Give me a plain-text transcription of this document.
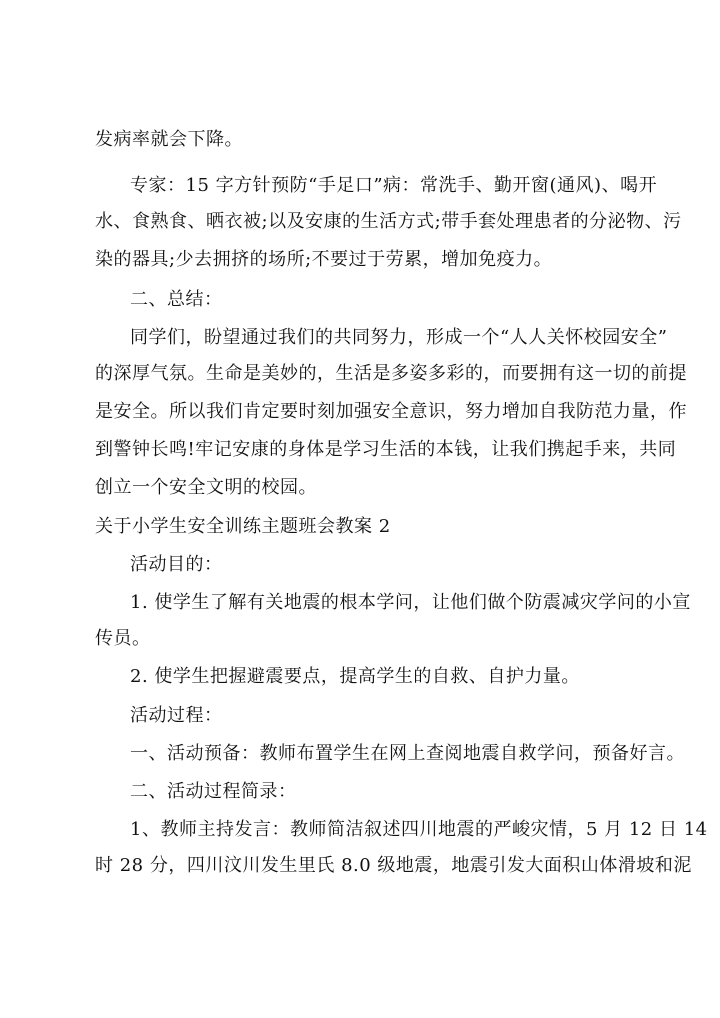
发病率就会下降。
专家：15 字方针预防“手足口”病：常洗手、勤开窗(通风)、喝开
水、食熟食、晒衣被;以及安康的生活方式;带手套处理患者的分泌物、污
染的器具;少去拥挤的场所;不要过于劳累，增加免疫力。
二、总结：
同学们，盼望通过我们的共同努力，形成一个“人人关怀校园安全”
的深厚气氛。生命是美妙的，生活是多姿多彩的，而要拥有这一切的前提
是安全。所以我们肯定要时刻加强安全意识，努力增加自我防范力量，作
到警钟长鸣!牢记安康的身体是学习生活的本钱，让我们携起手来，共同
创立一个安全文明的校园。
关于小学生安全训练主题班会教案 2
活动目的：
1. 使学生了解有关地震的根本学问，让他们做个防震减灾学问的小宣
传员。
2. 使学生把握避震要点，提高学生的自救、自护力量。
活动过程：
一、活动预备：教师布置学生在网上查阅地震自救学问，预备好言。
二、活动过程简录：
1、教师主持发言：教师简洁叙述四川地震的严峻灾情，5 月 12 日 14
时 28 分，四川汶川发生里氏 8.0 级地震，地震引发大面积山体滑坡和泥
